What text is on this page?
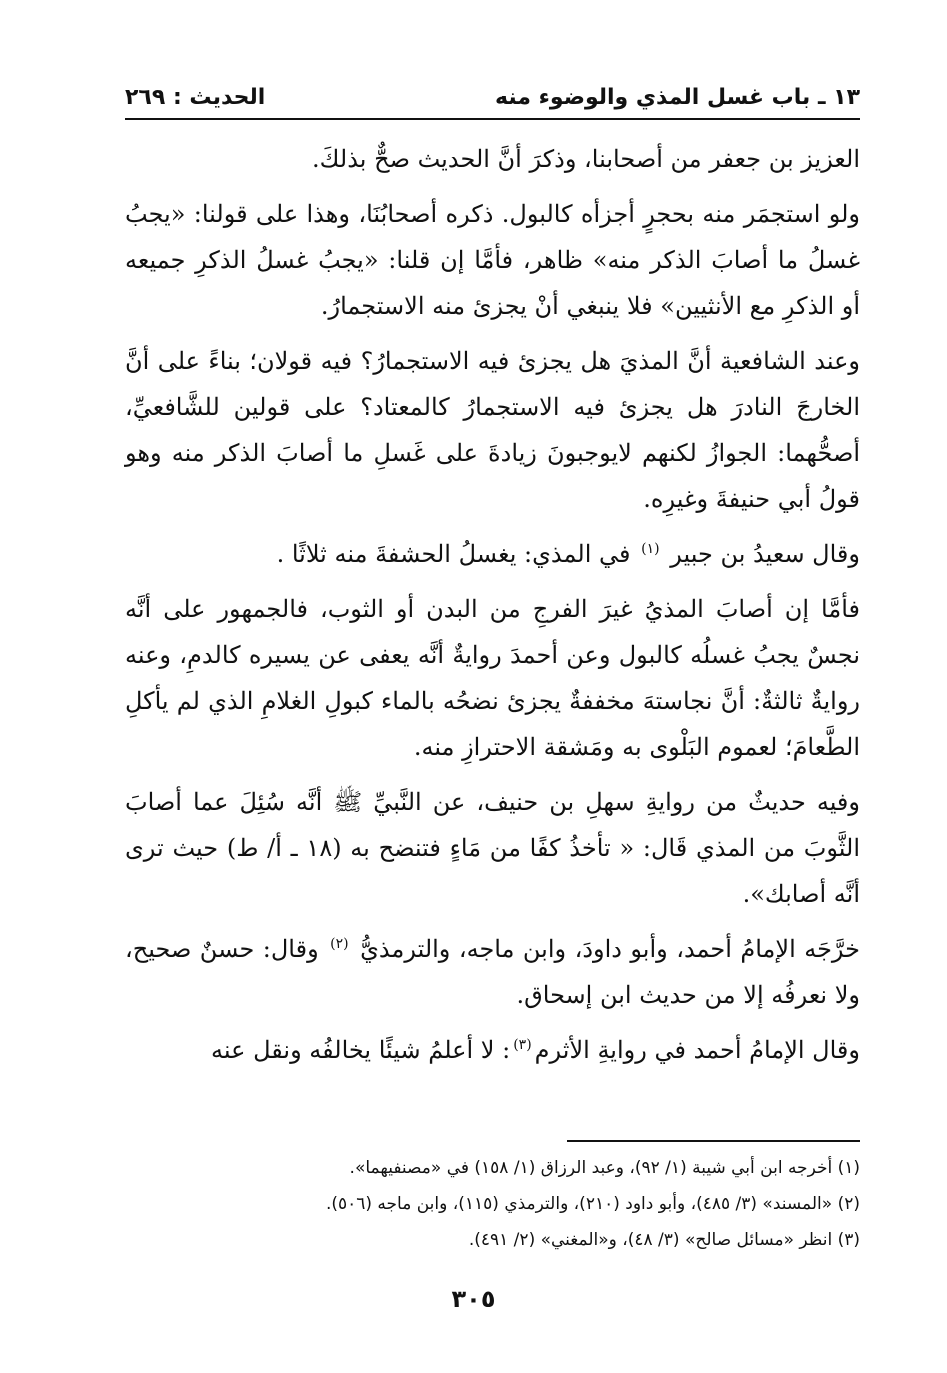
١٣ ـ باب غسل المذي والوضوء منه
الحديث : ٢٦٩

العزيز بن جعفر من أصحابنا، وذكرَ أنَّ الحديث صحٌّ بذلكَ.

ولو استجمَر منه بحجرٍ أجزأه كالبول. ذكره أصحابُنَا، وهذا على قولنا: «يجبُ غسلُ ما أصابَ الذكر منه» ظاهر، فأمَّا إن قلنا: «يجبُ غسلُ الذكرِ جميعه أو الذكرِ مع الأنثيين» فلا ينبغي أنْ يجزئ منه الاستجمارُ.

وعند الشافعية أنَّ المذيَ هل يجزئ فيه الاستجمارُ؟ فيه قولان؛ بناءً على أنَّ الخارجَ النادرَ هل يجزئ فيه الاستجمارُ كالمعتاد؟ على قولين للشَّافعيِّ، أصحُّهما: الجوازُ لكنهم لايوجبونَ زيادةَ على غَسلِ ما أصابَ الذكر منه وهو قولُ أبي حنيفةَ وغيرِه.

وقال سعيدُ بن جبير $^{(١)}$ في المذي: يغسلُ الحشفةَ منه ثلاثًا .

فأمَّا إن أصابَ المذيُ غيرَ الفرجِ من البدن أو الثوب، فالجمهور على أنَّه نجسٌ يجبُ غسلُه كالبول وعن أحمدَ روايةٌ أنَّه يعفى عن يسيره كالدمِ، وعنه روايةٌ ثالثةٌ: أنَّ نجاستهَ مخففةٌ يجزئ نضحُه بالماء كبولِ الغلامِ الذي لم يأكلِ الطَّعامَ؛ لعموم البَلْوى به ومَشقة الاحترازِ منه.

وفيه حديثٌ من روايةِ سهلِ بن حنيف، عن النَّبيِّ ﷺ أنَّه سُئِلَ عما أصابَ الثَّوبَ من المذي قَال: « تأخذُ كفًا من مَاءٍ فتنضح به (١٨ ـ أ/ ط) حيث ترى أنَّه أصابك».

خرَّجَه الإمامُ أحمد، وأبو داودَ، وابن ماجه، والترمذيُّ $^{(٢)}$ وقال: حسنٌ صحيح، ولا نعرفُه إلا من حديث ابن إسحاق.

وقال الإمامُ أحمد في روايةِ الأثرم$^{(٣)}$: لا أعلمُ شيئًا يخالفُه ونقل عنه

(١) أخرجه ابن أبي شيبة (١/ ٩٢)، وعبد الرزاق (١/ ١٥٨) في «مصنفيهما».

(٢) «المسند» (٣/ ٤٨٥)، وأبو داود (٢١٠)، والترمذي (١١٥)، وابن ماجه (٥٠٦).

(٣) انظر «مسائل صالح» (٣/ ٤٨)، و«المغني» (٢/ ٤٩١).

٣٠٥
